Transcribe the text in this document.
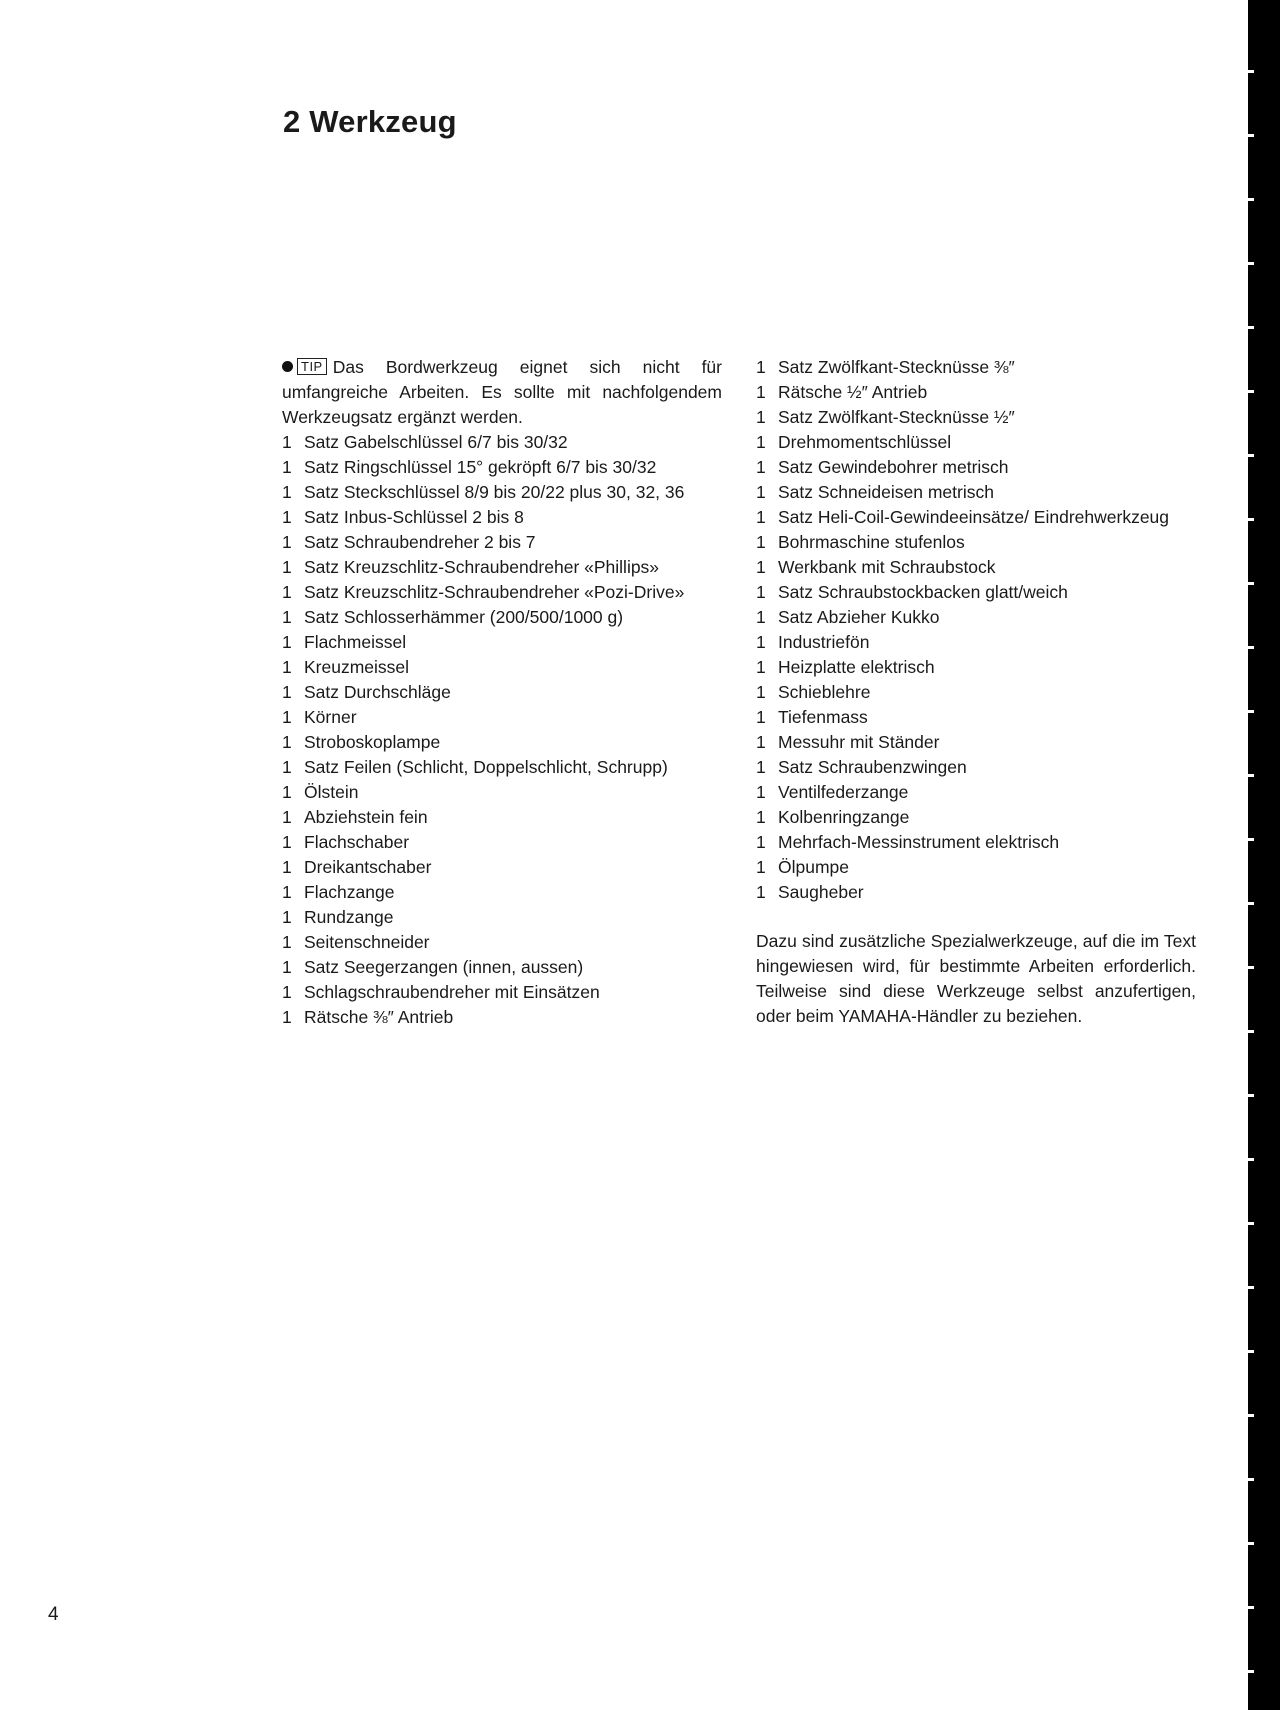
2 Werkzeug

TIP Das Bordwerkzeug eignet sich nicht für umfangreiche Arbeiten. Es sollte mit nachfolgendem Werkzeugsatz ergänzt werden.

1 Satz Gabelschlüssel 6/7 bis 30/32
1 Satz Ringschlüssel 15° gekröpft 6/7 bis 30/32
1 Satz Steckschlüssel 8/9 bis 20/22 plus 30, 32, 36
1 Satz Inbus-Schlüssel 2 bis 8
1 Satz Schraubendreher 2 bis 7
1 Satz Kreuzschlitz-Schraubendreher «Phillips»
1 Satz Kreuzschlitz-Schraubendreher «Pozi-Drive»
1 Satz Schlosserhämmer (200/500/1000 g)
1 Flachmeissel
1 Kreuzmeissel
1 Satz Durchschläge
1 Körner
1 Stroboskoplampe
1 Satz Feilen (Schlicht, Doppelschlicht, Schrupp)
1 Ölstein
1 Abziehstein fein
1 Flachschaber
1 Dreikantschaber
1 Flachzange
1 Rundzange
1 Seitenschneider
1 Satz Seegerzangen (innen, aussen)
1 Schlagschraubendreher mit Einsätzen
1 Rätsche ⅜″ Antrieb
1 Satz Zwölfkant-Stecknüsse ⅜″
1 Rätsche ½″ Antrieb
1 Satz Zwölfkant-Stecknüsse ½″
1 Drehmomentschlüssel
1 Satz Gewindebohrer metrisch
1 Satz Schneideisen metrisch
1 Satz Heli-Coil-Gewindeeinsätze/ Eindrehwerkzeug
1 Bohrmaschine stufenlos
1 Werkbank mit Schraubstock
1 Satz Schraubstockbacken glatt/weich
1 Satz Abzieher Kukko
1 Industriefön
1 Heizplatte elektrisch
1 Schieblehre
1 Tiefenmass
1 Messuhr mit Ständer
1 Satz Schraubenzwingen
1 Ventilfederzange
1 Kolbenringzange
1 Mehrfach-Messinstrument elektrisch
1 Ölpumpe
1 Saugheber

Dazu sind zusätzliche Spezialwerkzeuge, auf die im Text hingewiesen wird, für bestimmte Arbeiten erforderlich. Teilweise sind diese Werkzeuge selbst anzufertigen, oder beim YAMAHA-Händler zu beziehen.

4
